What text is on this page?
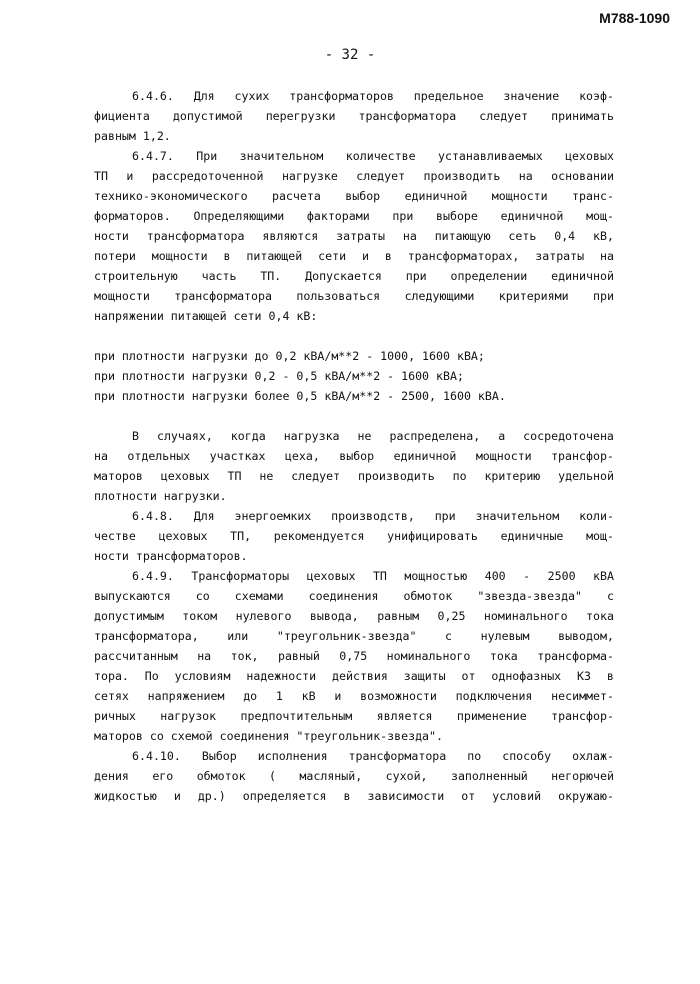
М788-1090
- 32 -
6.4.6. Для сухих трансформаторов предельное значение коэф-
фициента допустимой перегрузки трансформатора следует принимать
равным 1,2.
6.4.7. При значительном количестве устанавливаемых цеховых
ТП и рассредоточенной нагрузке следует производить на основании
технико-экономического расчета выбор единичной мощности транс-
форматоров. Определяющими факторами при выборе единичной мощ-
ности трансформатора являются затраты на питающую сеть 0,4 кВ,
потери мощности в питающей сети и в трансформаторах, затраты на
строительную часть ТП. Допускается при определении единичной
мощности трансформатора пользоваться следующими критериями при
напряжении питающей сети 0,4 кВ:
при плотности нагрузки до 0,2 кВА/м**2 - 1000, 1600 кВА;
при плотности нагрузки 0,2 - 0,5 кВА/м**2 - 1600 кВА;
при плотности нагрузки более 0,5 кВА/м**2 - 2500, 1600 кВА.
В случаях, когда нагрузка не распределена, а сосредоточена
на отдельных участках цеха, выбор единичной мощности трансфор-
маторов цеховых ТП не следует производить по критерию удельной
плотности нагрузки.
6.4.8. Для энергоемких производств, при значительном коли-
честве цеховых ТП, рекомендуется унифицировать единичные мощ-
ности трансформаторов.
6.4.9. Трансформаторы цеховых ТП мощностью 400 - 2500 кВА
выпускаются со схемами соединения обмоток "звезда-звезда" с
допустимым током нулевого вывода, равным 0,25 номинального тока
трансформатора, или "треугольник-звезда" с нулевым выводом,
рассчитанным на ток, равный 0,75 номинального тока трансформа-
тора. По условиям надежности действия защиты от однофазных КЗ в
сетях напряжением до 1 кВ и возможности подключения несиммет-
ричных нагрузок предпочтительным является применение трансфор-
маторов со схемой соединения "треугольник-звезда".
6.4.10. Выбор исполнения трансформатора по способу охлаж-
дения его обмоток ( масляный, сухой, заполненный негорючей
жидкостью и др.) определяется в зависимости от условий окружаю-
